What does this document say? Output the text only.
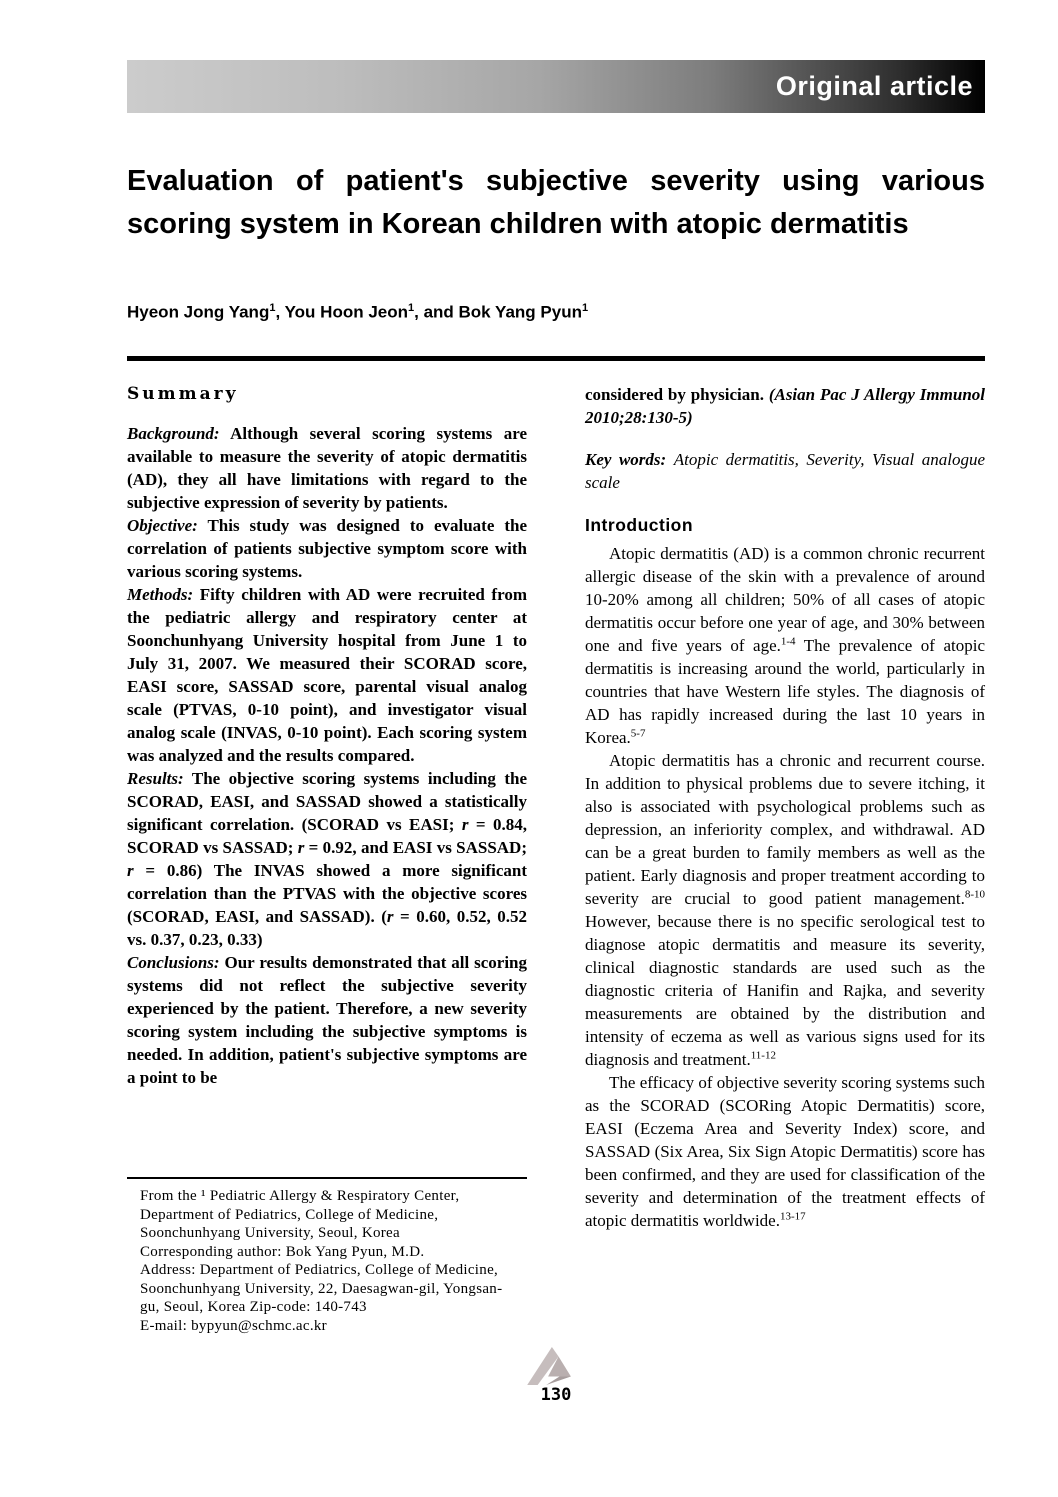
Original article
Evaluation of patient's subjective severity using various scoring system in Korean children with atopic dermatitis
Hyeon Jong Yang$^1$, You Hoon Jeon$^1$, and Bok Yang Pyun$^1$
Summary

Background: Although several scoring systems are available to measure the severity of atopic dermatitis (AD), they all have limitations with regard to the subjective expression of severity by patients.

Objective: This study was designed to evaluate the correlation of patients subjective symptom score with various scoring systems.

Methods: Fifty children with AD were recruited from the pediatric allergy and respiratory center at Soonchunhyang University hospital from June 1 to July 31, 2007. We measured their SCORAD score, EASI score, SASSAD score, parental visual analog scale (PTVAS, 0-10 point), and investigator visual analog scale (INVAS, 0-10 point). Each scoring system was analyzed and the results compared.

Results: The objective scoring systems including the SCORAD, EASI, and SASSAD showed a statistically significant correlation. (SCORAD vs EASI; r = 0.84, SCORAD vs SASSAD; r = 0.92, and EASI vs SASSAD; r = 0.86) The INVAS showed a more significant correlation than the PTVAS with the objective scores (SCORAD, EASI, and SASSAD). (r = 0.60, 0.52, 0.52 vs. 0.37, 0.23, 0.33)

Conclusions: Our results demonstrated that all scoring systems did not reflect the subjective severity experienced by the patient. Therefore, a new severity scoring system including the subjective symptoms is needed. In addition, patient's subjective symptoms are a point to be

considered by physician. (Asian Pac J Allergy Immunol 2010;28:130-5)

Key words: Atopic dermatitis, Severity, Visual analogue scale

Introduction

Atopic dermatitis (AD) is a common chronic recurrent allergic disease of the skin with a prevalence of around 10-20% among all children; 50% of all cases of atopic dermatitis occur before one year of age, and 30% between one and five years of age.$^{1-4}$ The prevalence of atopic dermatitis is increasing around the world, particularly in countries that have Western life styles. The diagnosis of AD has rapidly increased during the last 10 years in Korea.$^{5-7}$

Atopic dermatitis has a chronic and recurrent course. In addition to physical problems due to severe itching, it also is associated with psychological problems such as depression, an inferiority complex, and withdrawal. AD can be a great burden to family members as well as the patient. Early diagnosis and proper treatment according to severity are crucial to good patient management.$^{8-10}$ However, because there is no specific serological test to diagnose atopic dermatitis and measure its severity, clinical diagnostic standards are used such as the diagnostic criteria of Hanifin and Rajka, and severity measurements are obtained by the distribution and intensity of eczema as well as various signs used for its diagnosis and treatment.$^{11-12}$

The efficacy of objective severity scoring systems such as the SCORAD (SCORing Atopic Dermatitis) score, EASI (Eczema Area and Severity Index) score, and SASSAD (Six Area, Six Sign Atopic Dermatitis) score has been confirmed, and they are used for classification of the severity and determination of the treatment effects of atopic dermatitis worldwide.$^{13-17}$

From the ¹ Pediatric Allergy & Respiratory Center,
Department of Pediatrics, College of Medicine,
Soonchunhyang University, Seoul, Korea
Corresponding author: Bok Yang Pyun, M.D.
Address: Department of Pediatrics, College of Medicine,
Soonchunhyang University, 22, Daesagwan-gil, Yongsan-
gu, Seoul, Korea Zip-code: 140-743
E-mail: bypyun@schmc.ac.kr
130
